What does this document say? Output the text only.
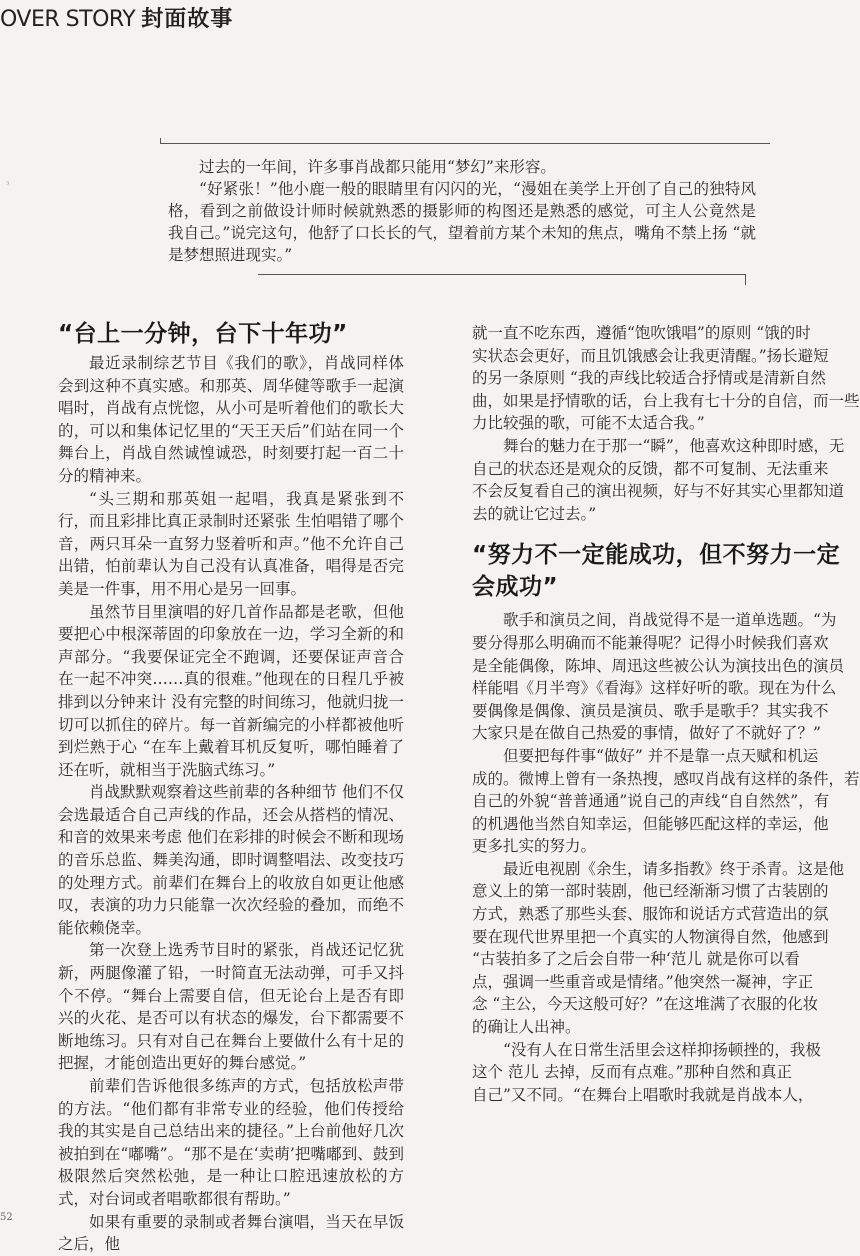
OVER STORY 封面故事
ᵌ

过去的一年间，许多事肖战都只能用“梦幻”来形容。

“好紧张！”他小鹿一般的眼睛里有闪闪的光，“漫姐在美学上开创了自己的独特风格，看到之前做设计师时候就熟悉的摄影师的构图还是熟悉的感觉，可主人公竟然是我自己。”说完这句，他舒了口长长的气，望着前方某个未知的焦点，嘴角不禁上扬 “就是梦想照进现实。”

“台上一分钟，台下十年功”

最近录制综艺节目《我们的歌》，肖战同样体会到这种不真实感。和那英、周华健等歌手一起演唱时，肖战有点恍惚，从小可是听着他们的歌长大的，可以和集体记忆里的“天王天后”们站在同一个舞台上，肖战自然诚惶诚恐，时刻要打起一百二十分的精神来。

“头三期和那英姐一起唱，我真是紧张到不行，而且彩排比真正录制时还紧张 生怕唱错了哪个音，两只耳朵一直努力竖着听和声。”他不允许自己出错，怕前辈认为自己没有认真准备，唱得是否完美是一件事，用不用心是另一回事。

虽然节目里演唱的好几首作品都是老歌，但他要把心中根深蒂固的印象放在一边，学习全新的和声部分。“我要保证完全不跑调，还要保证声音合在一起不冲突……真的很难。”他现在的日程几乎被排到以分钟来计 没有完整的时间练习，他就归拢一切可以抓住的碎片。每一首新编完的小样都被他听到烂熟于心 “在车上戴着耳机反复听，哪怕睡着了还在听，就相当于洗脑式练习。”

肖战默默观察着这些前辈的各种细节 他们不仅会选最适合自己声线的作品，还会从搭档的情况、和音的效果来考虑 他们在彩排的时候会不断和现场的音乐总监、舞美沟通，即时调整唱法、改变技巧的处理方式。前辈们在舞台上的收放自如更让他感叹，表演的功力只能靠一次次经验的叠加，而绝不能依赖侥幸。

第一次登上选秀节目时的紧张，肖战还记忆犹新，两腿像灌了铅，一时简直无法动弹，可手又抖个不停。“舞台上需要自信，但无论台上是否有即兴的火花、是否可以有状态的爆发，台下都需要不断地练习。只有对自己在舞台上要做什么有十足的把握，才能创造出更好的舞台感觉。”

前辈们告诉他很多练声的方式，包括放松声带的方法。“他们都有非常专业的经验，他们传授给我的其实是自己总结出来的捷径。”上台前他好几次被拍到在“嘟嘴”。“那不是在‘卖萌’把嘴嘟到、鼓到极限然后突然松弛，是一种让口腔迅速放松的方式，对台词或者唱歌都很有帮助。”

如果有重要的录制或者舞台演唱，当天在早饭之后，他

就一直不吃东西，遵循“饱吹饿唱”的原则 “饿的时

实状态会更好，而且饥饿感会让我更清醒。”扬长避短

的另一条原则 “我的声线比较适合抒情或是清新自然

曲，如果是抒情歌的话，台上我有七十分的自信，而一些

力比较强的歌，可能不太适合我。”

舞台的魅力在于那一“瞬”，他喜欢这种即时感，无

自己的状态还是观众的反馈，都不可复制、无法重来

不会反复看自己的演出视频，好与不好其实心里都知道

去的就让它过去。”

“努力不一定能成功，但不努力一定
会成功”

歌手和演员之间，肖战觉得不是一道单选题。“为

要分得那么明确而不能兼得呢？记得小时候我们喜欢

是全能偶像，陈坤、周迅这些被公认为演技出色的演员

样能唱《月半弯》《看海》这样好听的歌。现在为什么

要偶像是偶像、演员是演员、歌手是歌手？其实我不

大家只是在做自己热爱的事情，做好了不就好了？”

但要把每件事“做好” 并不是靠一点天赋和机运

成的。微博上曾有一条热搜，感叹肖战有这样的条件，若

自己的外貌“普普通通”说自己的声线“自自然然”，有

的机遇他当然自知幸运，但能够匹配这样的幸运，他

更多扎实的努力。

最近电视剧《余生，请多指教》终于杀青。这是他

意义上的第一部时装剧，他已经渐渐习惯了古装剧的

方式，熟悉了那些头套、服饰和说话方式营造出的氛

要在现代世界里把一个真实的人物演得自然，他感到

“古装拍多了之后会自带一种‘范儿 就是你可以看

点，强调一些重音或是情绪。”他突然一凝神，字正

念 “主公，今天这般可好？”在这堆满了衣服的化妆

的确让人出神。

“没有人在日常生活里会这样抑扬顿挫的，我极

这个 范儿 去掉，反而有点难。”那种自然和真正

自己”又不同。“在舞台上唱歌时我就是肖战本人，

52
